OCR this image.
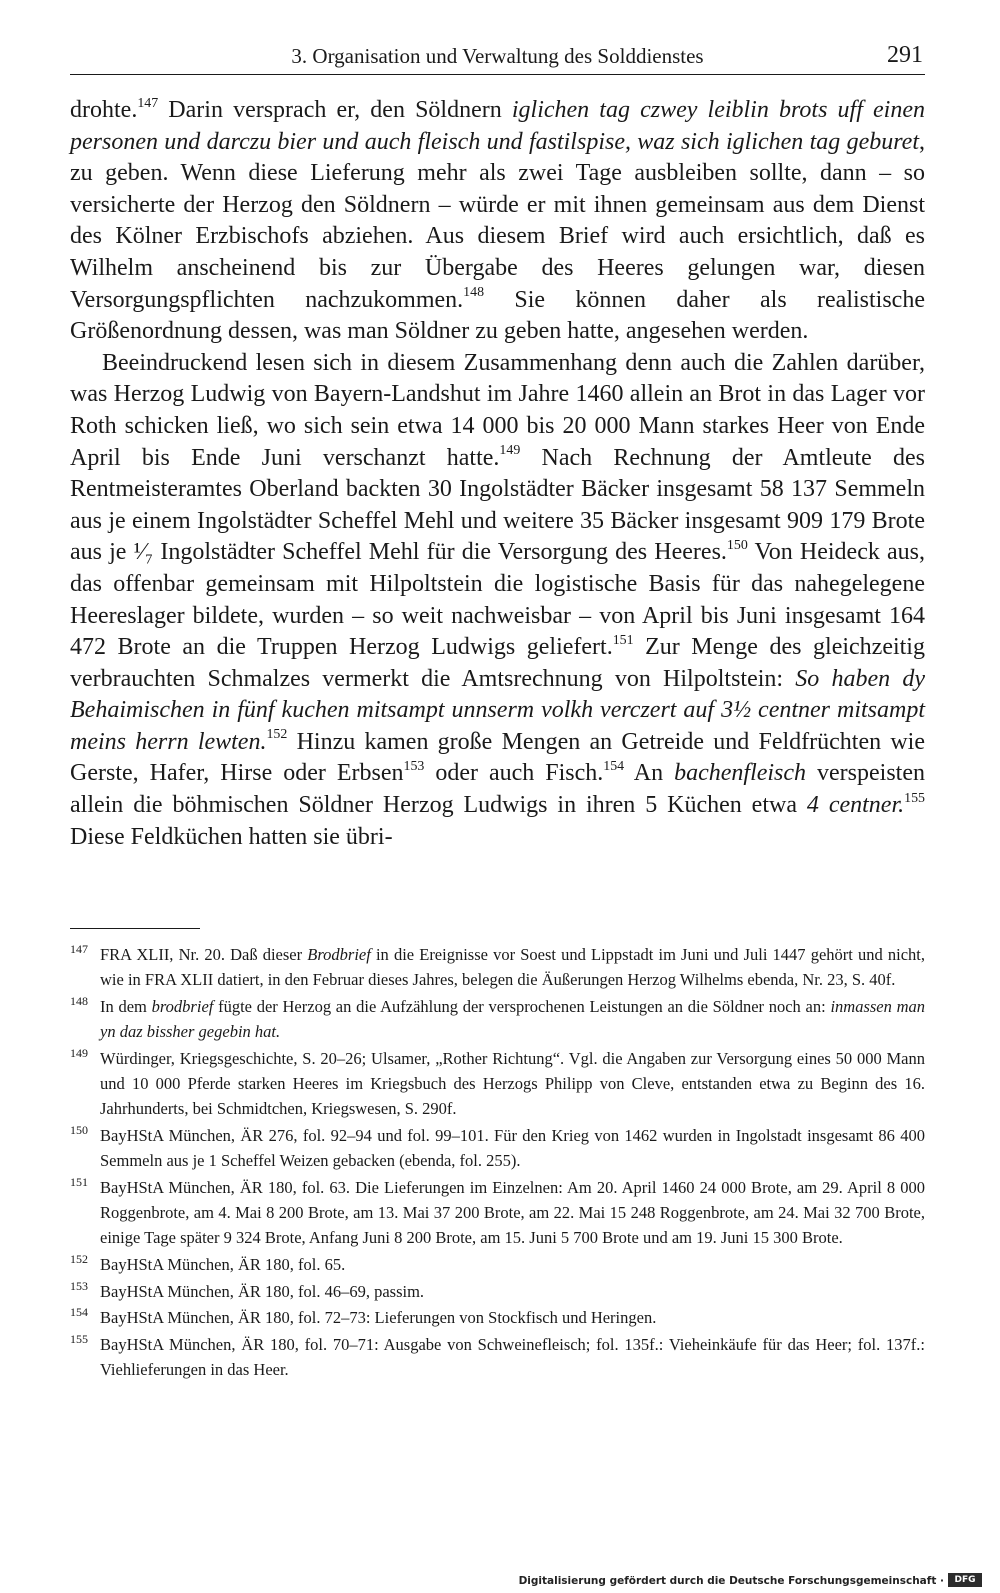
3. Organisation und Verwaltung des Solddienstes	291

drohte.$^{147}$ Darin versprach er, den Söldnern iglichen tag czwey leiblin brots uff einen personen und darczu bier und auch fleisch und fastilspise, waz sich iglichen tag geburet, zu geben. Wenn diese Lieferung mehr als zwei Tage ausbleiben sollte, dann – so versicherte der Herzog den Söldnern – würde er mit ihnen gemeinsam aus dem Dienst des Kölner Erzbischofs abziehen. Aus diesem Brief wird auch ersichtlich, daß es Wilhelm anscheinend bis zur Übergabe des Heeres gelungen war, diesen Versorgungspflichten nachzukommen.$^{148}$ Sie können daher als realistische Größenordnung dessen, was man Söldner zu geben hatte, angesehen werden.

Beeindruckend lesen sich in diesem Zusammenhang denn auch die Zahlen darüber, was Herzog Ludwig von Bayern-Landshut im Jahre 1460 allein an Brot in das Lager vor Roth schicken ließ, wo sich sein etwa 14 000 bis 20 000 Mann starkes Heer von Ende April bis Ende Juni verschanzt hatte.$^{149}$ Nach Rechnung der Amtleute des Rentmeisteramtes Oberland backten 30 Ingolstädter Bäcker insgesamt 58 137 Semmeln aus je einem Ingolstädter Scheffel Mehl und weitere 35 Bäcker insgesamt 909 179 Brote aus je ¹⁄₇ Ingolstädter Scheffel Mehl für die Versorgung des Heeres.$^{150}$ Von Heideck aus, das offenbar gemeinsam mit Hilpoltstein die logistische Basis für das nahegelegene Heereslager bildete, wurden – so weit nachweisbar – von April bis Juni insgesamt 164 472 Brote an die Truppen Herzog Ludwigs geliefert.$^{151}$ Zur Menge des gleichzeitig verbrauchten Schmalzes vermerkt die Amtsrechnung von Hilpoltstein: So haben dy Behaimischen in fünf kuchen mitsampt unnserm volkh verczert auf 3½ centner mitsampt meins herrn lewten.$^{152}$ Hinzu kamen große Mengen an Getreide und Feldfrüchten wie Gerste, Hafer, Hirse oder Erbsen$^{153}$ oder auch Fisch.$^{154}$ An bachenfleisch verspeisten allein die böhmischen Söldner Herzog Ludwigs in ihren 5 Küchen etwa 4 centner.$^{155}$ Diese Feldküchen hatten sie übri-

147 FRA XLII, Nr. 20. Daß dieser Brodbrief in die Ereignisse vor Soest und Lippstadt im Juni und Juli 1447 gehört und nicht, wie in FRA XLII datiert, in den Februar dieses Jahres, belegen die Äußerungen Herzog Wilhelms ebenda, Nr. 23, S. 40f.

148 In dem brodbrief fügte der Herzog an die Aufzählung der versprochenen Leistungen an die Söldner noch an: inmassen man yn daz bissher gegebin hat.

149 Würdinger, Kriegsgeschichte, S. 20–26; Ulsamer, „Rother Richtung“. Vgl. die Angaben zur Versorgung eines 50 000 Mann und 10 000 Pferde starken Heeres im Kriegsbuch des Herzogs Philipp von Cleve, entstanden etwa zu Beginn des 16. Jahrhunderts, bei Schmidtchen, Kriegswesen, S. 290f.

150 BayHStA München, ÄR 276, fol. 92–94 und fol. 99–101. Für den Krieg von 1462 wurden in Ingolstadt insgesamt 86 400 Semmeln aus je 1 Scheffel Weizen gebacken (ebenda, fol. 255).

151 BayHStA München, ÄR 180, fol. 63. Die Lieferungen im Einzelnen: Am 20. April 1460 24 000 Brote, am 29. April 8 000 Roggenbrote, am 4. Mai 8 200 Brote, am 13. Mai 37 200 Brote, am 22. Mai 15 248 Roggenbrote, am 24. Mai 32 700 Brote, einige Tage später 9 324 Brote, Anfang Juni 8 200 Brote, am 15. Juni 5 700 Brote und am 19. Juni 15 300 Brote.

152 BayHStA München, ÄR 180, fol. 65.

153 BayHStA München, ÄR 180, fol. 46–69, passim.

154 BayHStA München, ÄR 180, fol. 72–73: Lieferungen von Stockfisch und Heringen.

155 BayHStA München, ÄR 180, fol. 70–71: Ausgabe von Schweinefleisch; fol. 135f.: Vieheinkäufe für das Heer; fol. 137f.: Viehlieferungen in das Heer.

Digitalisierung gefördert durch die Deutsche Forschungsgemeinschaft ·	DFG
